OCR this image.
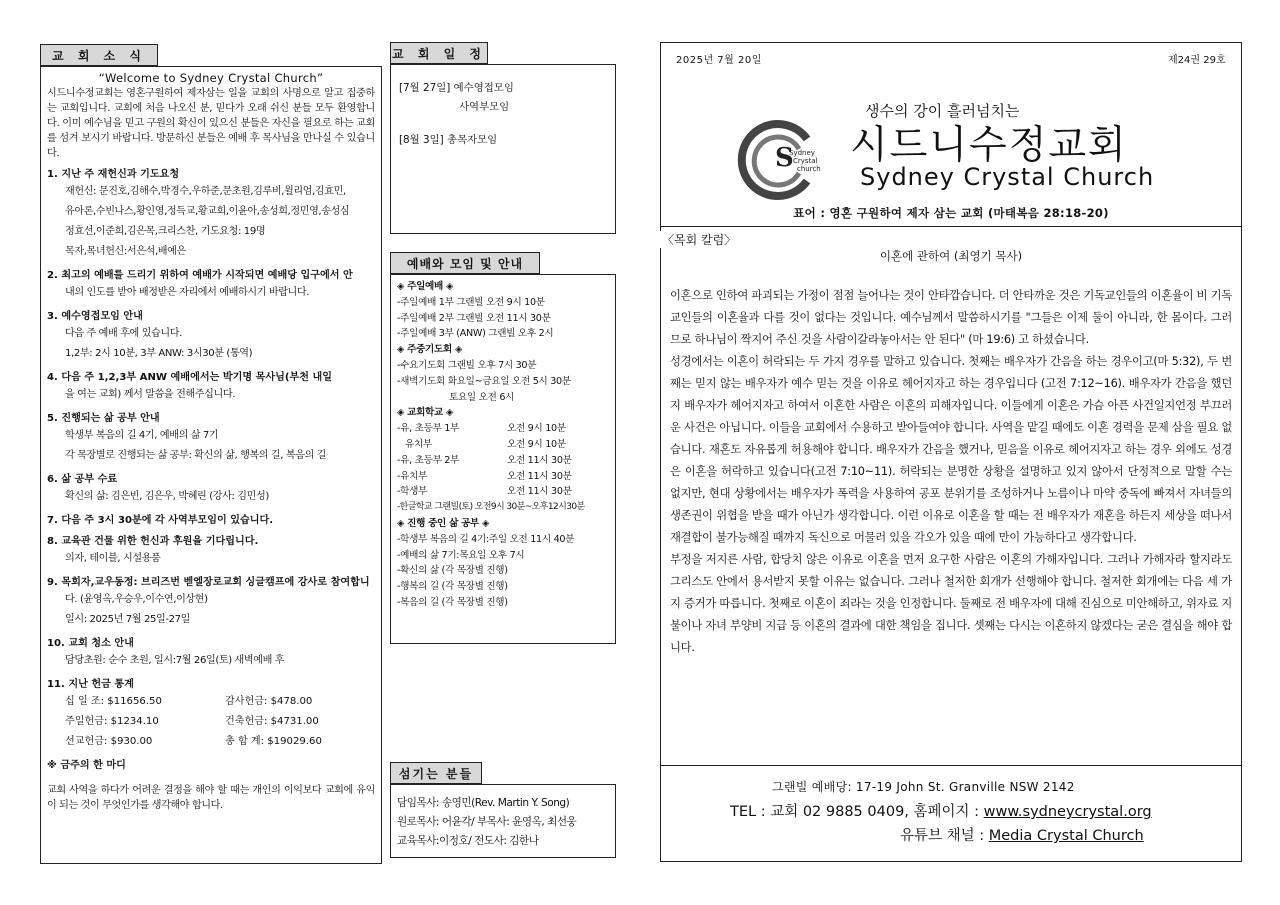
교 회 소 식
“Welcome to Sydney Crystal Church”
시드니수정교회는 영혼구원하여 제자삼는 일을 교회의 사명으로 알고 집중하는 교회입니다. 교회에 처음 나오신 분, 믿다가 오래 쉬신 분들 모두 환영합니다. 이미 예수님을 믿고 구원의 확신이 있으신 분들은 자신을 필요로 하는 교회를 섬겨 보시기 바랍니다. 방문하신 분들은 예배 후 목사님을 만나실 수 있습니다.
1. 지난 주 재헌신과 기도요청
재헌신: 문진호,김해수,박경수,우하준,문초원,김루비,윌리엄,김효민,
유아론,수빈나스,황인영,정득교,황교희,이윤아,송성희,정민영,송성심
정효선,이준희,김은목,크리스찬, 기도요청: 19명
목자,목녀헌신:서은석,배예은
2. 최고의 예배를 드리기 위하여 예배가 시작되면 예배당 입구에서 안
내의 인도를 받아 배정받은 자리에서 예배하시기 바랍니다.
3. 예수영접모임 안내
다음 주 예배 후에 있습니다.
1,2부: 2시 10분, 3부 ANW: 3시30분 (통역)
4. 다음 주 1,2,3부 ANW 예배에서는 박기명 목사님(부천 내일
을 여는 교회) 께서 말씀을 전해주십니다.
5. 진행되는 삶 공부 안내
학생부 복음의 길 4기, 예배의 삶 7기
각 목장별로 진행되는 삶 공부: 확신의 삶, 행복의 길, 복음의 길
6. 삶 공부 수료
확신의 삶: 김은빈, 김은우, 박혜린 (강사: 김민성)
7. 다음 주 3시 30분에 각 사역부모임이 있습니다.
8. 교육관 건물 위한 헌신과 후원을 기다립니다.
의자, 테이블, 시설용품
9. 목회자,교우동정: 브리즈번 벧엘장로교회 싱글캠프에 강사로 참여합니
다. (윤영옥,우승우,이수연,이상현)
일시: 2025년 7월 25일-27일
10. 교회 청소 안내
담당초원: 순수 초원, 일시:7월 26일(토) 새벽예배 후
11. 지난 헌금 통계
십 일 조: $11656.50	감사헌금: $478.00
주일헌금: $1234.10	건축헌금: $4731.00
선교헌금: $930.00	총 합 계: $19029.60
※ 금주의 한 마디
교회 사역을 하다가 어려운 결정을 해야 할 때는 개인의 이익보다 교회에 유익이 되는 것이 무엇인가를 생각해야 합니다.
교 회 일 정
[7월 27일] 예수영접모임
사역부모임
[8월 3일] 총목자모임
예배와 모임 및 안내
◈ 주일예배 ◈
-주일예배 1부 그랜빌 오전 9시 10분
-주일예배 2부 그랜빌 오전 11시 30분
-주일예배 3부 (ANW) 그랜빌 오후 2시
◈ 주중기도회 ◈
-수요기도회 그랜빌 오후 7시 30분
-새벽기도회 화요일~금요일 오전 5시 30분
토요일 오전 6시
◈ 교회학교 ◈
-유, 초등부 1부	오전 9시 10분
유치부	오전 9시 10분
-유, 초등부 2부	오전 11시 30분
-유치부	오전 11시 30분
-학생부	오전 11시 30분
-한글학교 그랜빌(토) 오전9시 30분~오후12시30분
◈ 진행 중인 삶 공부 ◈
-학생부 복음의 길 4기:주일 오전 11시 40분
-예배의 삶 7기:목요일 오후 7시
-확신의 삶 (각 목장별 진행)
-행복의 길 (각 목장별 진행)
-복음의 길 (각 목장별 진행)
섬기는 분들
담임목사: 송영민(Rev. Martin Y. Song)
원로목사: 어윤각/ 부목사: 윤영옥, 최선웅
교육목사:이정호/ 전도사: 김한나
2025년 7월 20일	제24권 29호
생수의 강이 흘러넘치는
S
Sydney
Crystal
church
시드니수정교회
Sydney Crystal Church
표어 : 영혼 구원하여 제자 삼는 교회 (마태복음 28:18-20)
〈목회 칼럼〉
이혼에 관하여 (최영기 목사)

이혼으로 인하여 파괴되는 가정이 점점 늘어나는 것이 안타깝습니다. 더 안타까운 것은 기독교인들의 이혼율이 비 기독교인들의 이혼율과 다를 것이 없다는 것입니다. 예수님께서 말씀하시기를 "그들은 이제 둘이 아니라, 한 몸이다. 그러므로 하나님이 짝지어 주신 것을 사람이갈라놓아서는 안 된다" (마 19:6) 고 하셨습니다.

성경에서는 이혼이 허락되는 두 가지 경우를 말하고 있습니다. 첫째는 배우자가 간음을 하는 경우이고(마 5:32), 두 번째는 믿지 않는 배우자가 예수 믿는 것을 이유로 헤어지자고 하는 경우입니다 (고전 7:12~16). 배우자가 간음을 했던지 배우자가 헤어지자고 하여서 이혼한 사람은 이혼의 피해자입니다. 이들에게 이혼은 가슴 아픈 사건일지언정 부끄러운 사건은 아닙니다. 이들을 교회에서 수용하고 받아들여야 합니다. 사역을 맡길 때에도 이혼 경력을 문제 삼을 필요 없습니다. 재혼도 자유롭게 허용해야 합니다. 배우자가 간음을 했거나, 믿음을 이유로 헤어지자고 하는 경우 외에도 성경은 이혼을 허락하고 있습니다(고전 7:10~11). 허락되는 분명한 상황을 설명하고 있지 않아서 단정적으로 말할 수는 없지만, 현대 상황에서는 배우자가 폭력을 사용하여 공포 분위기를 조성하거나 노름이나 마약 중독에 빠져서 자녀들의 생존권이 위협을 받을 때가 아닌가 생각합니다. 이런 이유로 이혼을 할 때는 전 배우자가 재혼을 하든지 세상을 떠나서 재결합이 불가능해질 때까지 독신으로 머물러 있을 각오가 있을 때에 만이 가능하다고 생각합니다.

부정을 저지른 사람, 합당치 않은 이유로 이혼을 먼저 요구한 사람은 이혼의 가해자입니다. 그러나 가해자라 할지라도 그리스도 안에서 용서받지 못할 이유는 없습니다. 그러나 철저한 회개가 선행해야 합니다. 철저한 회개에는 다음 세 가지 증거가 따릅니다. 첫째로 이혼이 죄라는 것을 인정합니다. 둘째로 전 배우자에 대해 진심으로 미안해하고, 위자료 지불이나 자녀 부양비 지급 등 이혼의 결과에 대한 책임을 집니다. 셋째는 다시는 이혼하지 않겠다는 굳은 결심을 해야 합니다.

그랜빌 예배당: 17-19 John St. Granville NSW 2142
TEL : 교회 02 9885 0409, 홈페이지 : www.sydneycrystal.org
유튜브 채널 : Media Crystal Church
